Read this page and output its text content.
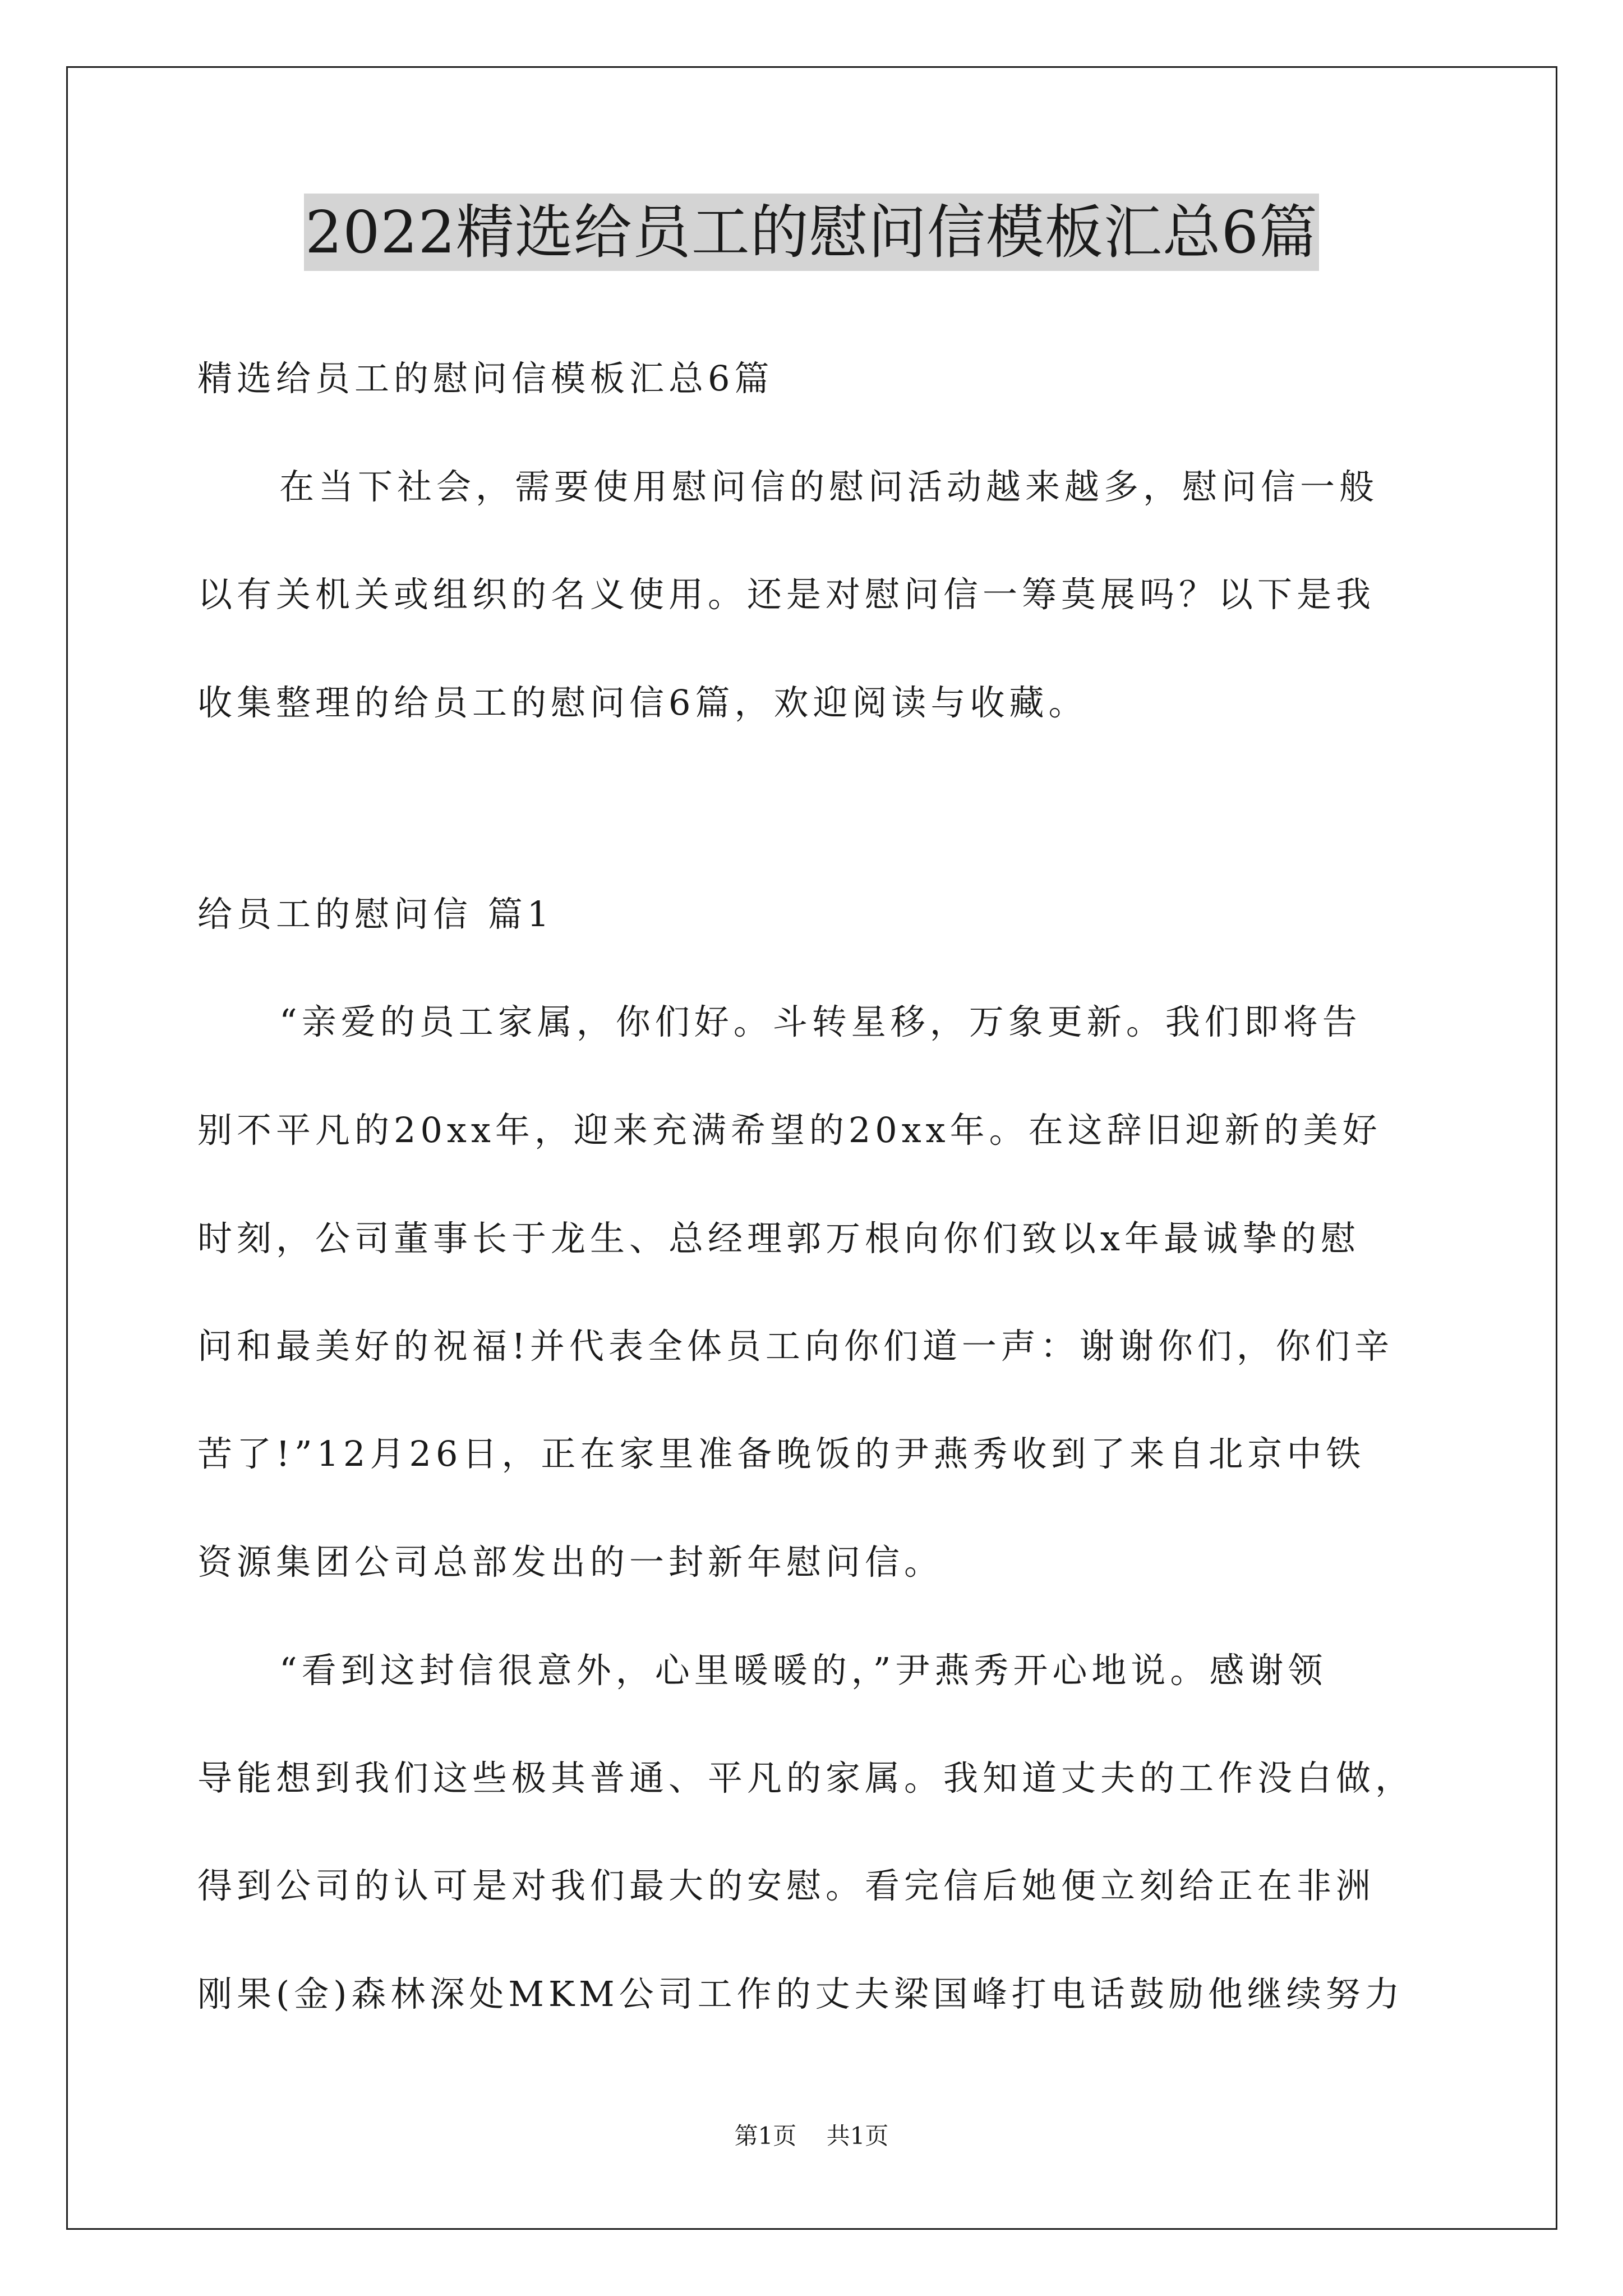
2022精选给员工的慰问信模板汇总6篇
精选给员工的慰问信模板汇总6篇
在当下社会，需要使用慰问信的慰问活动越来越多，慰问信一般
以有关机关或组织的名义使用。还是对慰问信一筹莫展吗？以下是我
收集整理的给员工的慰问信6篇，欢迎阅读与收藏。
给员工的慰问信 篇1
“亲爱的员工家属，你们好。斗转星移，万象更新。我们即将告
别不平凡的20xx年，迎来充满希望的20xx年。在这辞旧迎新的美好
时刻，公司董事长于龙生、总经理郭万根向你们致以x年最诚挚的慰
问和最美好的祝福!并代表全体员工向你们道一声：谢谢你们，你们辛
苦了!”12月26日，正在家里准备晚饭的尹燕秀收到了来自北京中铁
资源集团公司总部发出的一封新年慰问信。
“看到这封信很意外，心里暖暖的，”尹燕秀开心地说。感谢领
导能想到我们这些极其普通、平凡的家属。我知道丈夫的工作没白做，
得到公司的认可是对我们最大的安慰。看完信后她便立刻给正在非洲
刚果(金)森林深处MKM公司工作的丈夫梁国峰打电话鼓励他继续努力
第1页 共1页
